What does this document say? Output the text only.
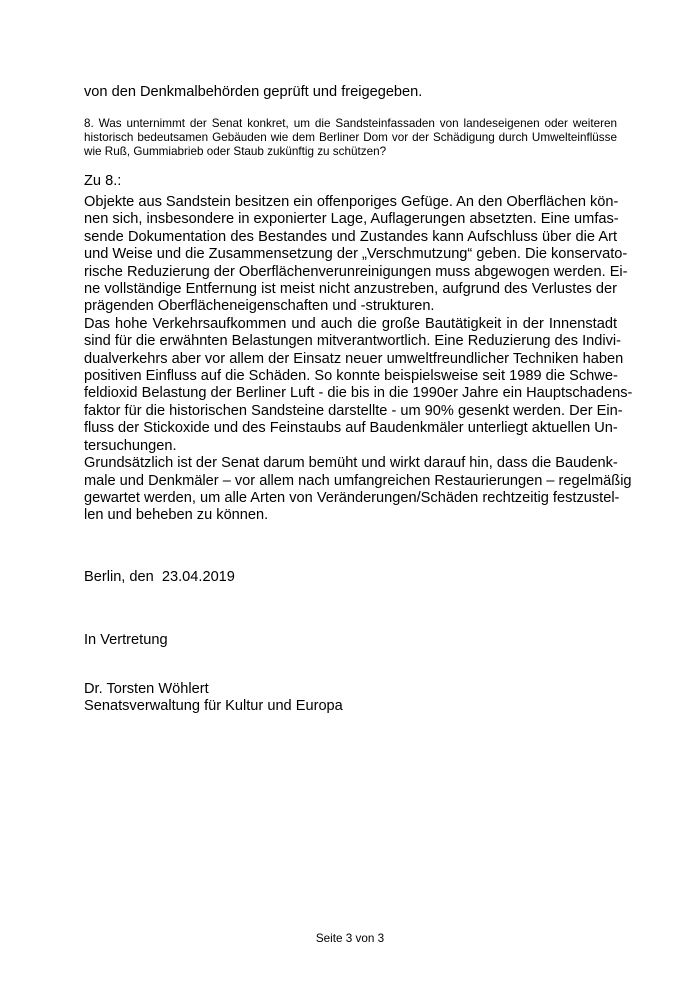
von den Denkmalbehörden geprüft und freigegeben.

8. Was unternimmt der Senat konkret, um die Sandsteinfassaden von landeseigenen oder weiteren
historisch bedeutsamen Gebäuden wie dem Berliner Dom vor der Schädigung durch Umwelteinflüsse
wie Ruß, Gummiabrieb oder Staub zukünftig zu schützen?

Zu 8.:

Objekte aus Sandstein besitzen ein offenporiges Gefüge. An den Oberflächen kön-
nen sich, insbesondere in exponierter Lage, Auflagerungen absetzten. Eine umfas-
sende Dokumentation des Bestandes und Zustandes kann Aufschluss über die Art
und Weise und die Zusammensetzung der „Verschmutzung“ geben. Die konservato-
rische Reduzierung der Oberflächenverunreinigungen muss abgewogen werden. Ei-
ne vollständige Entfernung ist meist nicht anzustreben, aufgrund des Verlustes der
prägenden Oberflächeneigenschaften und -strukturen.
Das hohe Verkehrsaufkommen und auch die große Bautätigkeit in der Innenstadt
sind für die erwähnten Belastungen mitverantwortlich. Eine Reduzierung des Indivi-
dualverkehrs aber vor allem der Einsatz neuer umweltfreundlicher Techniken haben
positiven Einfluss auf die Schäden. So konnte beispielsweise seit 1989 die Schwe-
feldioxid Belastung der Berliner Luft - die bis in die 1990er Jahre ein Hauptschadens-
faktor für die historischen Sandsteine darstellte - um 90% gesenkt werden. Der Ein-
fluss der Stickoxide und des Feinstaubs auf Baudenkmäler unterliegt aktuellen Un-
tersuchungen.
Grundsätzlich ist der Senat darum bemüht und wirkt darauf hin, dass die Baudenk-
male und Denkmäler – vor allem nach umfangreichen Restaurierungen – regelmäßig
gewartet werden, um alle Arten von Veränderungen/Schäden rechtzeitig festzustel-
len und beheben zu können.

Berlin, den  23.04.2019

In Vertretung

Dr. Torsten Wöhlert
Senatsverwaltung für Kultur und Europa
Seite 3 von 3
